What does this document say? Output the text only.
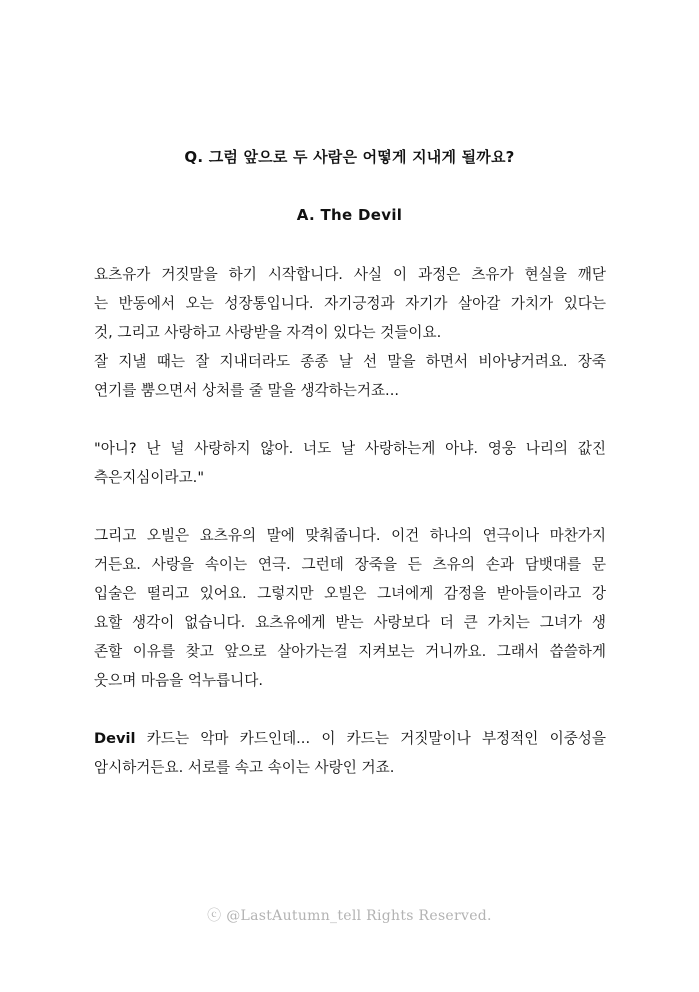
Q. 그럼 앞으로 두 사람은 어떻게 지내게 될까요?
A. The Devil
요츠유가 거짓말을 하기 시작합니다. 사실 이 과정은 츠유가 현실을 깨닫
는 반동에서 오는 성장통입니다. 자기긍정과 자기가 살아갈 가치가 있다는
것, 그리고 사랑하고 사랑받을 자격이 있다는 것들이요.
잘 지낼 때는 잘 지내더라도 종종 날 선 말을 하면서 비아냥거려요. 장죽
연기를 뿜으면서 상처를 줄 말을 생각하는거죠...
"아니? 난 널 사랑하지 않아. 너도 날 사랑하는게 아냐. 영웅 나리의 값진
측은지심이라고."
그리고 오빌은 요츠유의 말에 맞춰줍니다. 이건 하나의 연극이나 마찬가지
거든요. 사랑을 속이는 연극. 그런데 장죽을 든 츠유의 손과 담뱃대를 문
입술은 떨리고 있어요. 그렇지만 오빌은 그녀에게 감정을 받아들이라고 강
요할 생각이 없습니다. 요츠유에게 받는 사랑보다 더 큰 가치는 그녀가 생
존할 이유를 찾고 앞으로 살아가는걸 지켜보는 거니까요. 그래서 씁쓸하게
웃으며 마음을 억누릅니다.
Devil 카드는 악마 카드인데... 이 카드는 거짓말이나 부정적인 이중성을
암시하거든요. 서로를 속고 속이는 사랑인 거죠.
ⓒ @LastAutumn_tell Rights Reserved.
